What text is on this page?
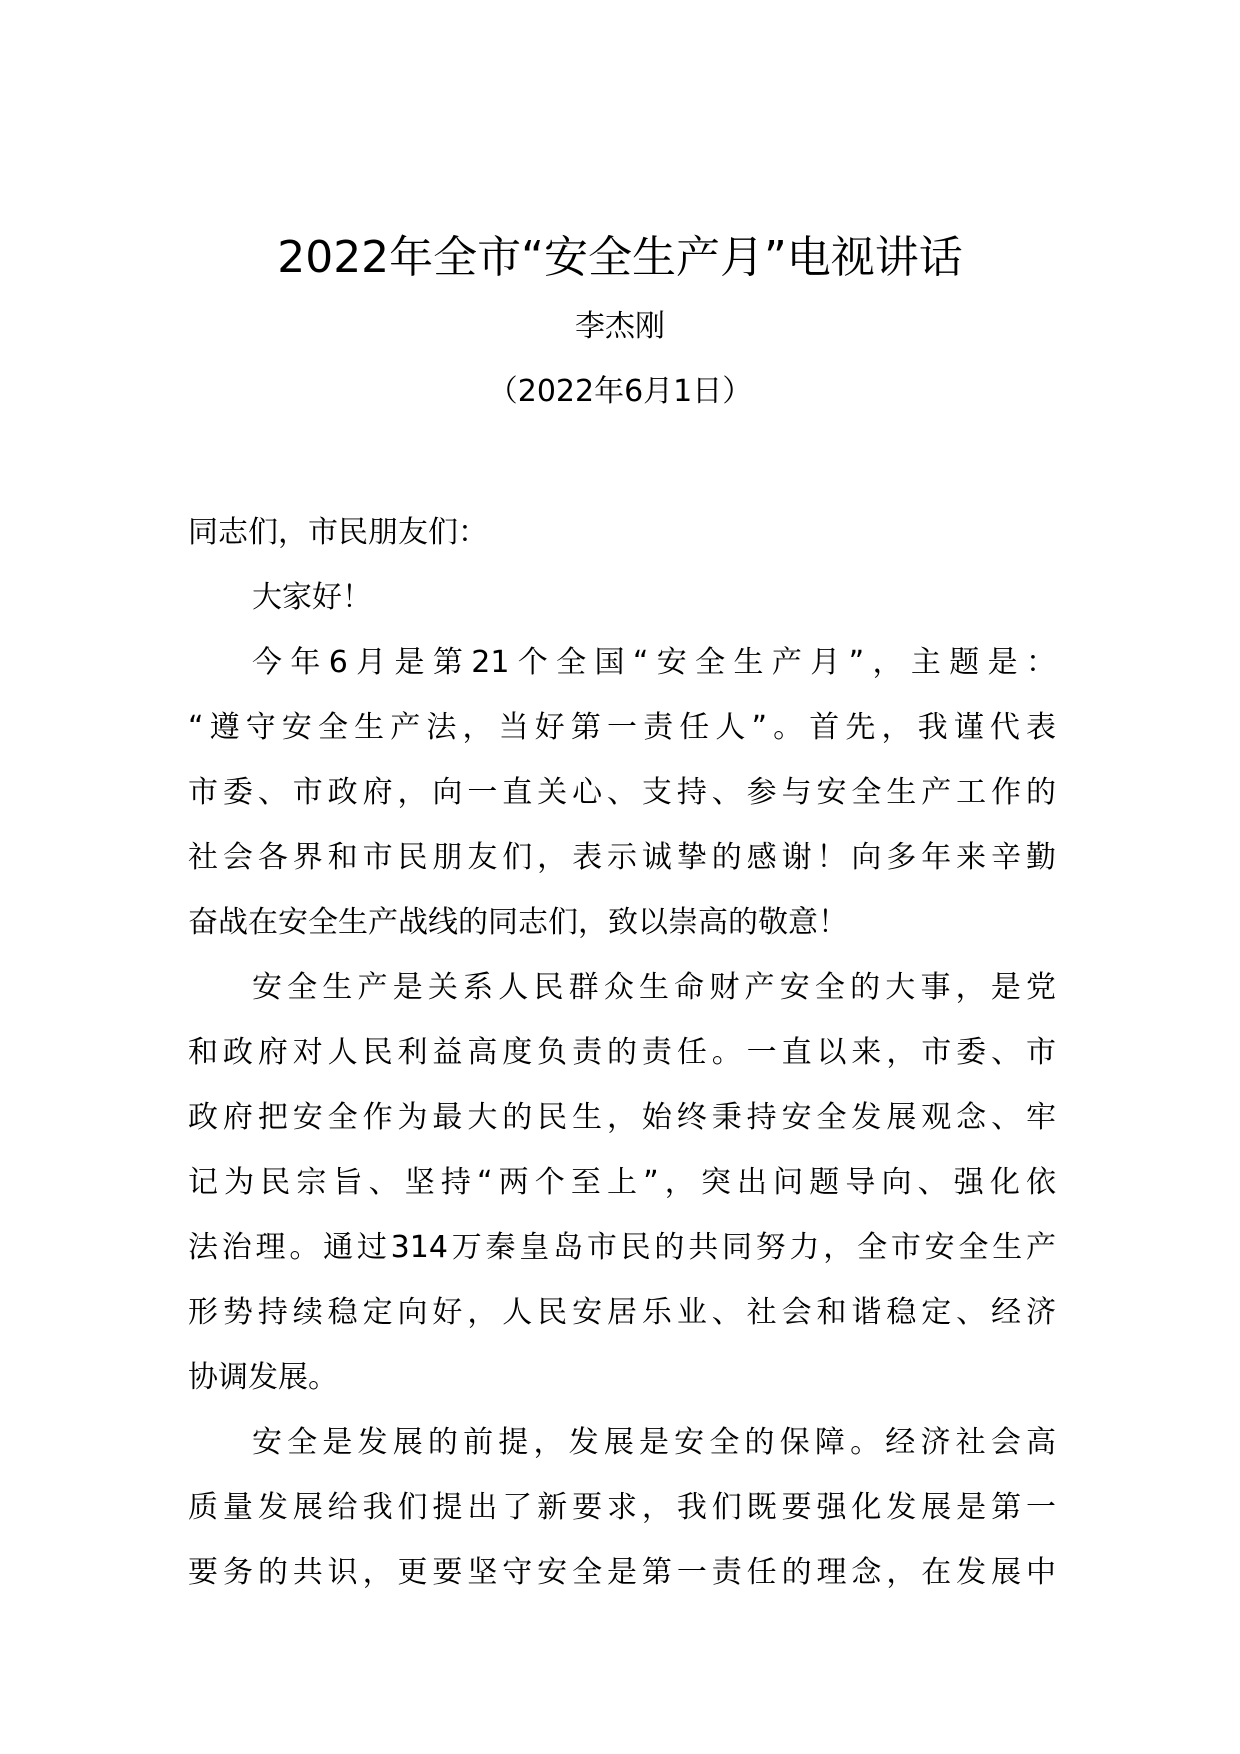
2022年全市“安全生产月”电视讲话
李杰刚
（2022年6月1日）
同志们，市民朋友们：
大家好！
今年6月是第21个全国“安全生产月”，主题是：
“遵守安全生产法，当好第一责任人”。首先，我谨代表
市委、市政府，向一直关心、支持、参与安全生产工作的
社会各界和市民朋友们，表示诚挚的感谢！向多年来辛勤
奋战在安全生产战线的同志们，致以崇高的敬意！
安全生产是关系人民群众生命财产安全的大事，是党
和政府对人民利益高度负责的责任。一直以来，市委、市
政府把安全作为最大的民生，始终秉持安全发展观念、牢
记为民宗旨、坚持“两个至上”，突出问题导向、强化依
法治理。通过314万秦皇岛市民的共同努力，全市安全生产
形势持续稳定向好，人民安居乐业、社会和谐稳定、经济
协调发展。
安全是发展的前提，发展是安全的保障。经济社会高
质量发展给我们提出了新要求，我们既要强化发展是第一
要务的共识，更要坚守安全是第一责任的理念，在发展中
